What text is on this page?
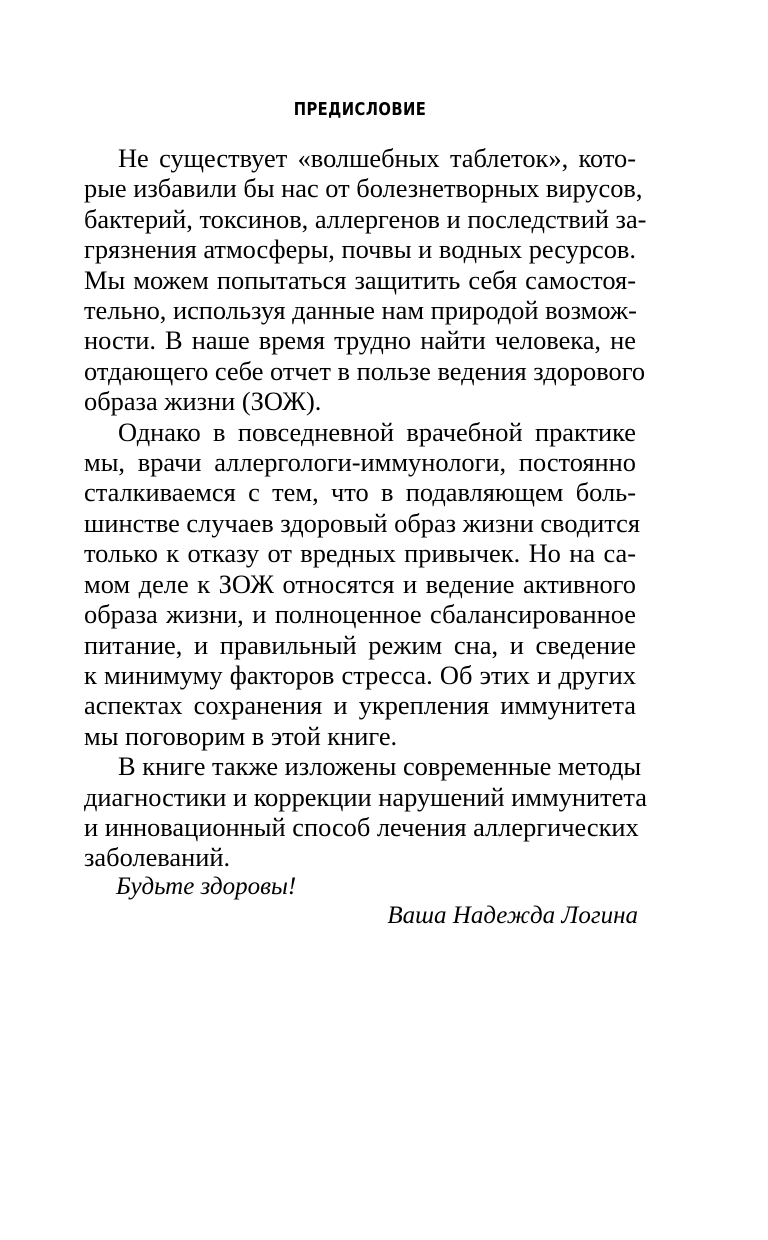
ПРЕДИСЛОВИЕ
Не существует «волшебных таблеток», кото-
рые избавили бы нас от болезнетворных вирусов,
бактерий, токсинов, аллергенов и последствий за-
грязнения атмосферы, почвы и водных ресурсов.
Мы можем попытаться защитить себя самостоя-
тельно, используя данные нам природой возмож-
ности. В наше время трудно найти человека, не
отдающего себе отчет в пользе ведения здорового
образа жизни (ЗОЖ).
Однако в повседневной врачебной практике
мы, врачи аллергологи-иммунологи, постоянно
сталкиваемся с тем, что в подавляющем боль-
шинстве случаев здоровый образ жизни сводится
только к отказу от вредных привычек. Но на са-
мом деле к ЗОЖ относятся и ведение активного
образа жизни, и полноценное сбалансированное
питание, и правильный режим сна, и сведение
к минимуму факторов стресса. Об этих и других
аспектах сохранения и укрепления иммунитета
мы поговорим в этой книге.
В книге также изложены современные методы
диагностики и коррекции нарушений иммунитета
и инновационный способ лечения аллергических
заболеваний.
Будьте здоровы!
Ваша Надежда Логина
